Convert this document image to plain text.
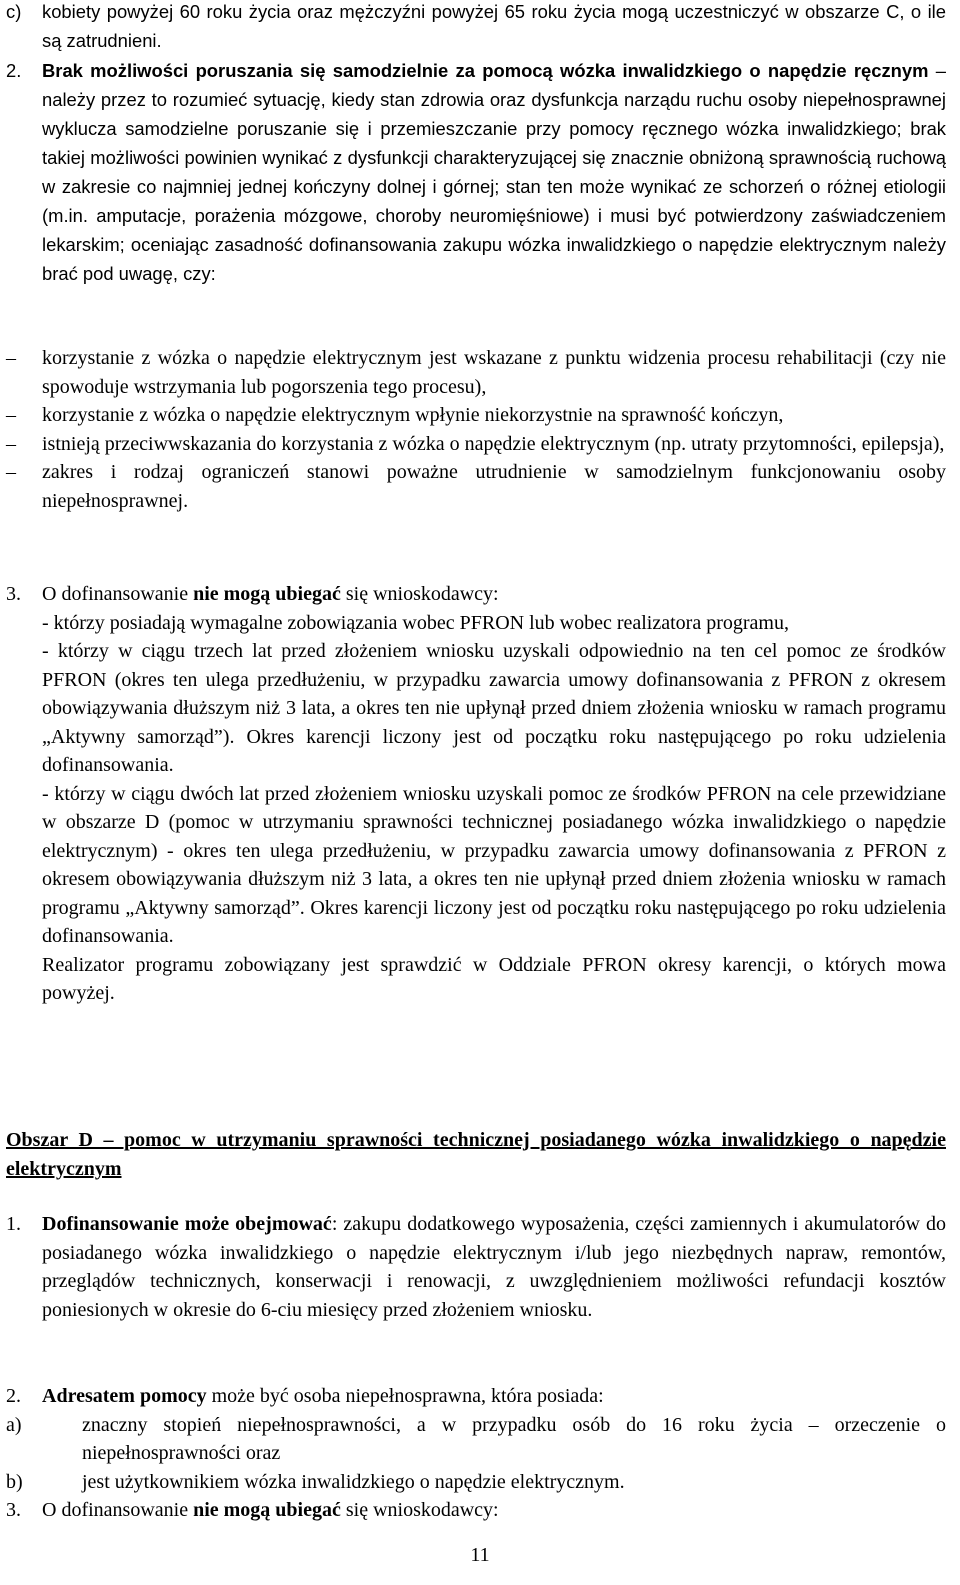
c) kobiety powyżej 60 roku życia oraz mężczyźni powyżej 65 roku życia mogą uczestniczyć w obszarze C, o ile są zatrudnieni.

2. Brak możliwości poruszania się samodzielnie za pomocą wózka inwalidzkiego o napędzie ręcznym – należy przez to rozumieć sytuację, kiedy stan zdrowia oraz dysfunkcja narządu ruchu osoby niepełnosprawnej wyklucza samodzielne poruszanie się i przemieszczanie przy pomocy ręcznego wózka inwalidzkiego; brak takiej możliwości powinien wynikać z dysfunkcji charakteryzującej się znacznie obniżoną sprawnością ruchową w zakresie co najmniej jednej kończyny dolnej i górnej; stan ten może wynikać ze schorzeń o różnej etiologii (m.in. amputacje, porażenia mózgowe, choroby neuromięśniowe) i musi być potwierdzony zaświadczeniem lekarskim; oceniając zasadność dofinansowania zakupu wózka inwalidzkiego o napędzie elektrycznym należy brać pod uwagę, czy:

– korzystanie z wózka o napędzie elektrycznym jest wskazane z punktu widzenia procesu rehabilitacji (czy nie spowoduje wstrzymania lub pogorszenia tego procesu),

– korzystanie z wózka o napędzie elektrycznym wpłynie niekorzystnie na sprawność kończyn,

– istnieją przeciwwskazania do korzystania z wózka o napędzie elektrycznym (np. utraty przytomności, epilepsja),

– zakres i rodzaj ograniczeń stanowi poważne utrudnienie w samodzielnym funkcjonowaniu osoby niepełnosprawnej.

3. O dofinansowanie nie mogą ubiegać się wnioskodawcy:

- którzy posiadają wymagalne zobowiązania wobec PFRON lub wobec realizatora programu,

- którzy w ciągu trzech lat przed złożeniem wniosku uzyskali odpowiednio na ten cel pomoc ze środków PFRON (okres ten ulega przedłużeniu, w przypadku zawarcia umowy dofinansowania z PFRON z okresem obowiązywania dłuższym niż 3 lata, a okres ten nie upłynął przed dniem złożenia wniosku w ramach programu „Aktywny samorząd”). Okres karencji liczony jest od początku roku następującego po roku udzielenia dofinansowania.

- którzy w ciągu dwóch lat przed złożeniem wniosku uzyskali pomoc ze środków PFRON na cele przewidziane w obszarze D (pomoc w utrzymaniu sprawności technicznej posiadanego wózka inwalidzkiego o napędzie elektrycznym) - okres ten ulega przedłużeniu, w przypadku zawarcia umowy dofinansowania z PFRON z okresem obowiązywania dłuższym niż 3 lata, a okres ten nie upłynął przed dniem złożenia wniosku w ramach programu „Aktywny samorząd”. Okres karencji liczony jest od początku roku następującego po roku udzielenia dofinansowania.

Realizator programu zobowiązany jest sprawdzić w Oddziale PFRON okresy karencji, o których mowa powyżej.

Obszar D – pomoc w utrzymaniu sprawności technicznej posiadanego wózka inwalidzkiego o napędzie elektrycznym
1. Dofinansowanie może obejmować: zakupu dodatkowego wyposażenia, części zamiennych i akumulatorów do posiadanego wózka inwalidzkiego o napędzie elektrycznym i/lub jego niezbędnych napraw, remontów, przeglądów technicznych, konserwacji i renowacji, z uwzględnieniem możliwości refundacji kosztów poniesionych w okresie do 6-ciu miesięcy przed złożeniem wniosku.

2. Adresatem pomocy może być osoba niepełnosprawna, która posiada:

a)	znaczny stopień niepełnosprawności, a w przypadku osób do 16 roku życia – orzeczenie o niepełnosprawności oraz

b)	jest użytkownikiem wózka inwalidzkiego o napędzie elektrycznym.

3. O dofinansowanie nie mogą ubiegać się wnioskodawcy:

11
